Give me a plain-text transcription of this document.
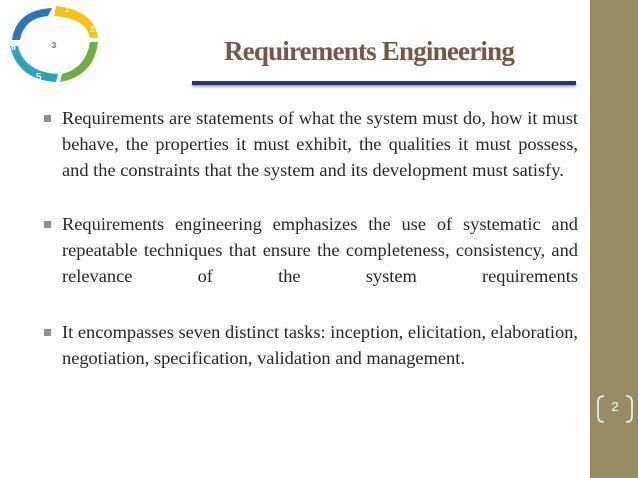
6
1
2
4
5
3	Requirements Engineering
Requirements are statements of what the system must do, how it must behave, the properties it must exhibit, the qualities it must possess, and the constraints that the system and its development must satisfy.
Requirements engineering emphasizes the use of systematic and repeatable techniques that ensure the completeness, consistency, and relevance of the system requirements
It encompasses seven distinct tasks: inception, elicitation, elaboration, negotiation, specification, validation and management.
2
